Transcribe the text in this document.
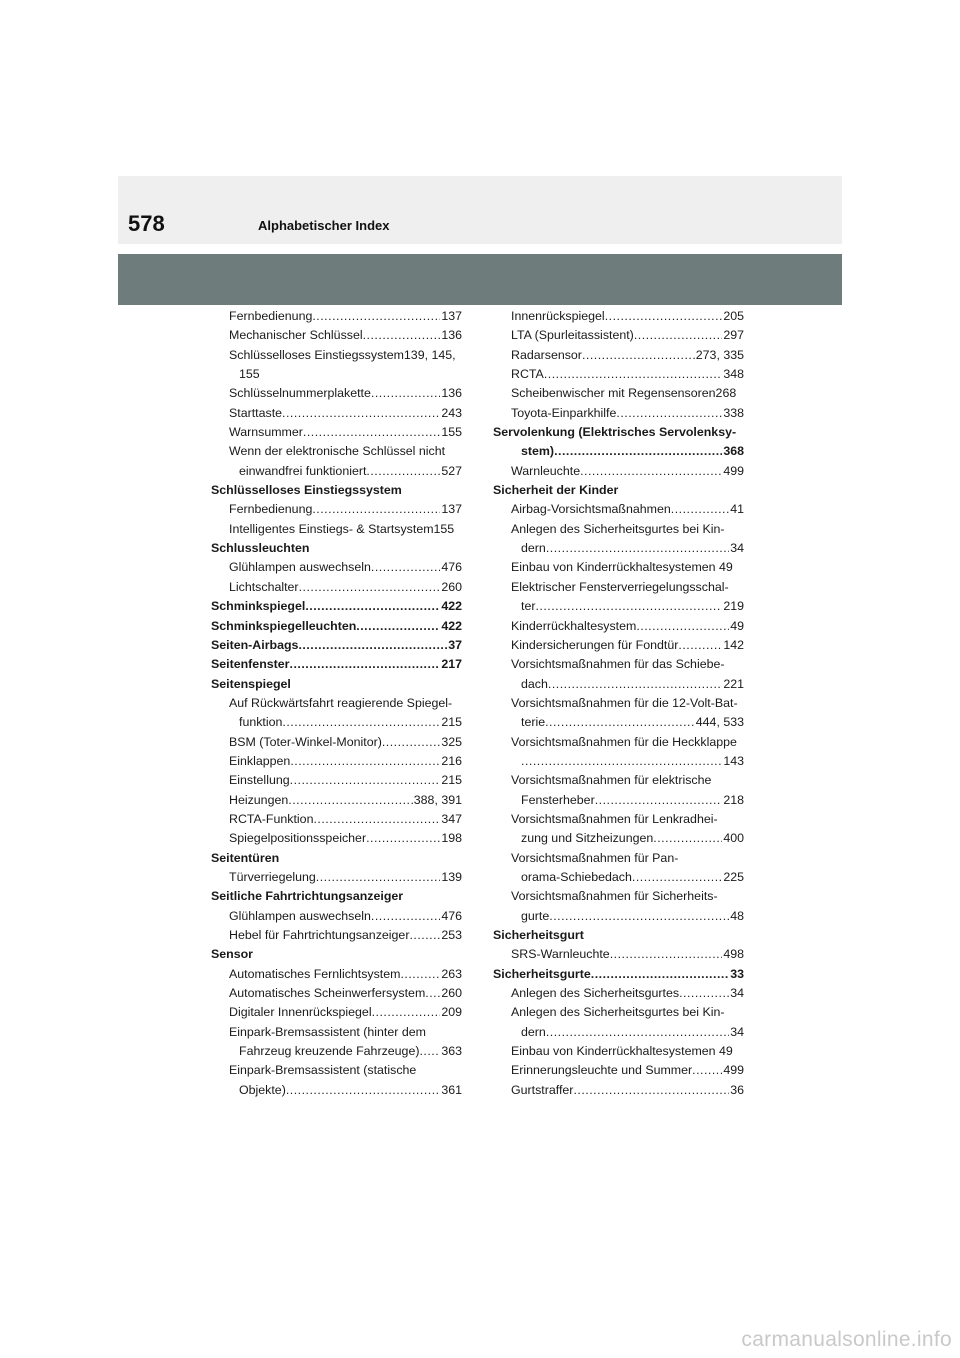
578	Alphabetischer Index
Fernbedienung .....	137
Mechanischer Schlüssel .....	136
Schlüsselloses Einstiegssystem139, 145,
155
Schlüsselnummerplakette .....	136
Starttaste .....	243
Warnsummer .....	155
Wenn der elektronische Schlüssel nicht
einwandfrei funktioniert .....	527
Schlüsselloses Einstiegssystem
Fernbedienung .....	137
Intelligentes Einstiegs- & Startsystem155
Schlussleuchten
Glühlampen auswechseln .....	476
Lichtschalter .....	260
Schminkspiegel .....	422
Schminkspiegelleuchten .....	422
Seiten-Airbags .....	37
Seitenfenster .....	217
Seitenspiegel
Auf Rückwärtsfahrt reagierende Spiegel-
funktion .....	215
BSM (Toter-Winkel-Monitor) .....	325
Einklappen .....	216
Einstellung .....	215
Heizungen .....	388, 391
RCTA-Funktion .....	347
Spiegelpositionsspeicher .....	198
Seitentüren
Türverriegelung .....	139
Seitliche Fahrtrichtungsanzeiger
Glühlampen auswechseln .....	476
Hebel für Fahrtrichtungsanzeiger .....	253
Sensor
Automatisches Fernlichtsystem .....	263
Automatisches Scheinwerfersystem ..... 260
Digitaler Innenrückspiegel .....	209
Einpark-Bremsassistent (hinter dem
Fahrzeug kreuzende Fahrzeuge) ..... 363
Einpark-Bremsassistent (statische
Objekte) .....	361
Innenrückspiegel .....	205
LTA (Spurleitassistent) .....	297
Radarsensor .....	273, 335
RCTA .....	348
Scheibenwischer mit Regensensoren268
Toyota-Einparkhilfe .....	338
Servolenkung (Elektrisches Servolenksy-
stem) .....	368
Warnleuchte .....	499
Sicherheit der Kinder
Airbag-Vorsichtsmaßnahmen .....	41
Anlegen des Sicherheitsgurtes bei Kin-
dern .....	34
Einbau von Kinderrückhaltesystemen 49
Elektrischer Fensterverriegelungsschal-
ter .....	219
Kinderrückhaltesystem .....	49
Kindersicherungen für Fondtür .....	142
Vorsichtsmaßnahmen für das Schiebe-
dach .....	221
Vorsichtsmaßnahmen für die 12-Volt-Bat-
terie .....	444, 533
Vorsichtsmaßnahmen für die Heckklappe
.....
143
Vorsichtsmaßnahmen für elektrische
Fensterheber .....	218
Vorsichtsmaßnahmen für Lenkradhei-
zung und Sitzheizungen .....	400
Vorsichtsmaßnahmen für Pan-
orama-Schiebedach .....	225
Vorsichtsmaßnahmen für Sicherheits-
gurte .....	48
Sicherheitsgurt
SRS-Warnleuchte .....	498
Sicherheitsgurte .....	33
Anlegen des Sicherheitsgurtes .....	34
Anlegen des Sicherheitsgurtes bei Kin-
dern .....	34
Einbau von Kinderrückhaltesystemen 49
Erinnerungsleuchte und Summer .....	499
Gurtstraffer .....	36
carmanualsonline.info
